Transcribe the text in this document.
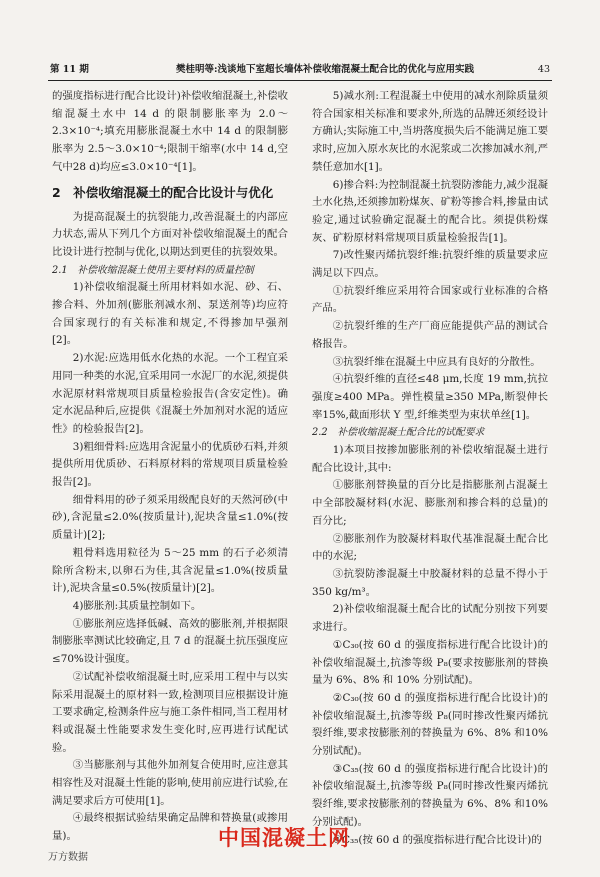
第 11 期	樊桂明等:浅谈地下室超长墙体补偿收缩混凝土配合比的优化与应用实践	43

的强度指标进行配合比设计)补偿收缩混凝土,补偿收缩混凝土水中 14 d 的限制膨胀率为 2.0～2.3×10⁻⁴;填充用膨胀混凝土水中 14 d 的限制膨胀率为 2.5～3.0×10⁻⁴;限制干缩率(水中 14 d,空气中28 d)均应≤3.0×10⁻⁴[1]。

2　补偿收缩混凝土的配合比设计与优化

为提高混凝土的抗裂能力,改善混凝土的内部应力状态,需从下列几个方面对补偿收缩混凝土的配合比设计进行控制与优化,以期达到更佳的抗裂效果。

2.1　补偿收缩混凝土使用主要材料的质量控制

1)补偿收缩混凝土所用材料如水泥、砂、石、掺合料、外加剂(膨胀剂减水剂、泵送剂等)均应符合国家现行的有关标准和规定,不得掺加早强剂[2]。

2)水泥:应选用低水化热的水泥。一个工程宜采用同一种类的水泥,宜采用同一水泥厂的水泥,须提供水泥原材料常规项目质量检验报告(含安定性)。确定水泥品种后,应提供《混凝土外加剂对水泥的适应性》的检验报告[2]。

3)粗细骨料:应选用含泥量小的优质砂石料,并须提供所用优质砂、石料原材料的常规项目质量检验报告[2]。

细骨料用的砂子须采用级配良好的天然河砂(中砂),含泥量≤2.0%(按质量计),泥块含量≤1.0%(按质量计)[2];

粗骨料选用粒径为 5～25 mm 的石子必须清除所含粉末,以卵石为佳,其含泥量≤1.0%(按质量计),泥块含量≤0.5%(按质量计)[2]。

4)膨胀剂:其质量控制如下。

①膨胀剂应选择低碱、高效的膨胀剂,并根据限制膨胀率测试比较确定,且 7 d 的混凝土抗压强度应≤70%设计强度。

②试配补偿收缩混凝土时,应采用工程中与以实际采用混凝土的原材料一致,检测项目应根据设计施工要求确定,检测条件应与施工条件相同,当工程用材料或混凝土性能要求发生变化时,应再进行试配试验。

③当膨胀剂与其他外加剂复合使用时,应注意其相容性及对混凝土性能的影响,使用前应进行试验,在满足要求后方可使用[1]。

④最终根据试验结果确定品牌和替换量(或掺用量)。

5)减水剂:工程混凝土中使用的减水剂除质量须符合国家相关标准和要求外,所选的品牌还须经设计方确认;实际施工中,当坍落度损失后不能满足施工要求时,应加入原水灰比的水泥浆或二次掺加减水剂,严禁任意加水[1]。

6)掺合料:为控制混凝土抗裂防渗能力,减少混凝土水化热,还须掺加粉煤灰、矿粉等掺合料,掺量由试验定,通过试验确定混凝土的配合比。须提供粉煤灰、矿粉原材料常规项目质量检验报告[1]。

7)改性聚丙烯抗裂纤维:抗裂纤维的质量要求应满足以下四点。

①抗裂纤维应采用符合国家或行业标准的合格产品。

②抗裂纤维的生产厂商应能提供产品的测试合格报告。

③抗裂纤维在混凝土中应具有良好的分散性。

④抗裂纤维的直径≤48 μm,长度 19 mm,抗拉强度≥400 MPa。弹性模量≥350 MPa,断裂伸长率15%,截面形状 Y 型,纤维类型为束状单丝[1]。

2.2　补偿收缩混凝土配合比的试配要求

1)本项目按掺加膨胀剂的补偿收缩混凝土进行配合比设计,其中:

①膨胀剂替换量的百分比是指膨胀剂占混凝土中全部胶凝材料(水泥、膨胀剂和掺合料的总量)的百分比;

②膨胀剂作为胶凝材料取代基准混凝土配合比中的水泥;

③抗裂防渗混凝土中胶凝材料的总量不得小于350 kg/m³。

2)补偿收缩混凝土配合比的试配分别按下列要求进行。

①C₃₀(按 60 d 的强度指标进行配合比设计)的补偿收缩混凝土,抗渗等级 P₈(要求按膨胀剂的替换量为 6%、8% 和 10% 分别试配)。

②C₃₀(按 60 d 的强度指标进行配合比设计)的补偿收缩混凝土,抗渗等级 P₈(同时掺改性聚丙烯抗裂纤维,要求按膨胀剂的替换量为 6%、8% 和10% 分别试配)。

③C₃₅(按 60 d 的强度指标进行配合比设计)的补偿收缩混凝土,抗渗等级 P₈(同时掺改性聚丙烯抗裂纤维,要求按膨胀剂的替换量为 6%、8% 和10% 分别试配)。

④C₃₅(按 60 d 的强度指标进行配合比设计)的

中国混凝土网
万方数据
